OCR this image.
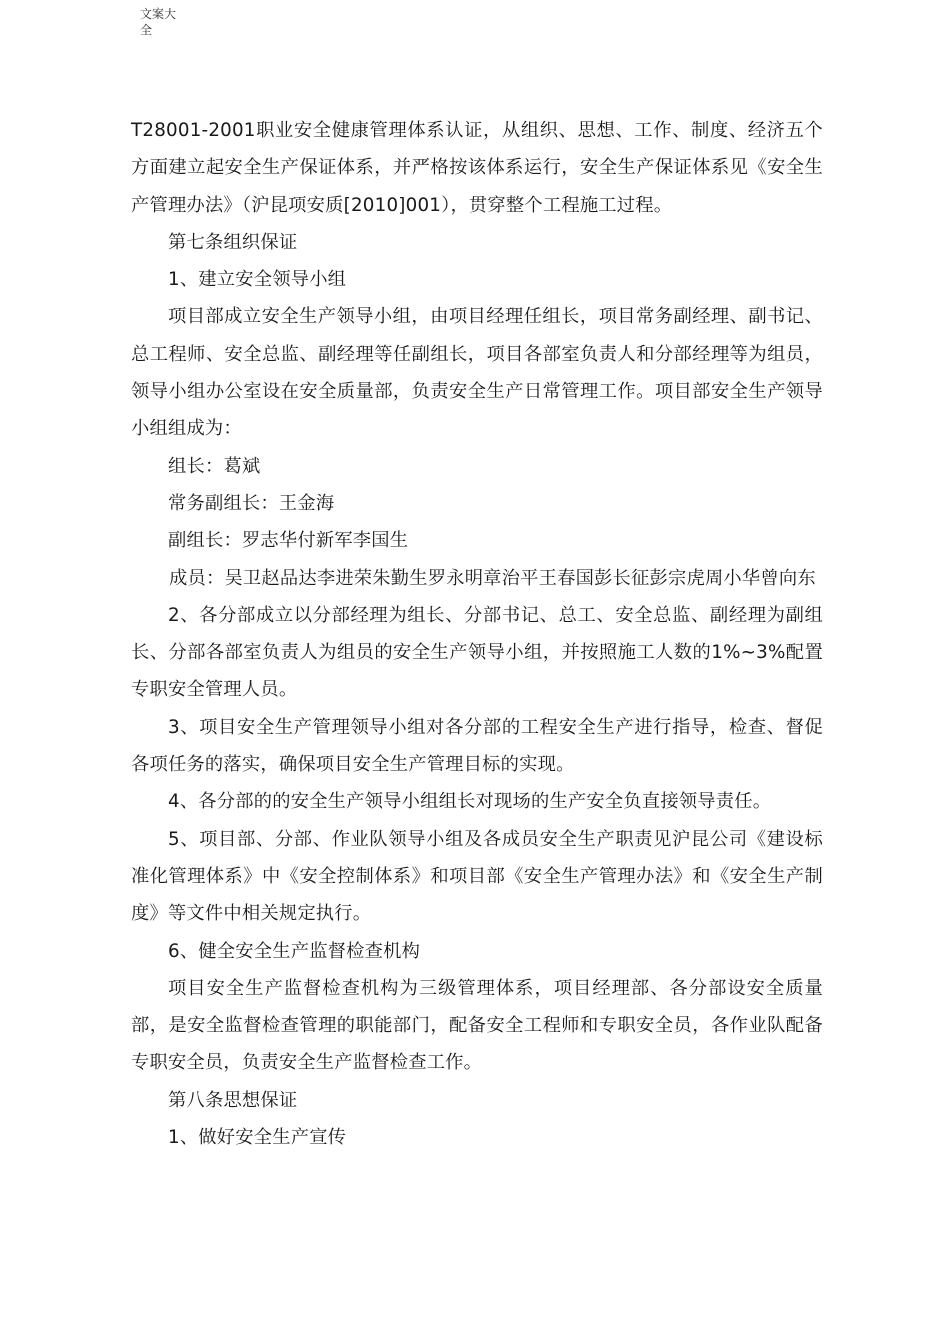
文案大全

T28001-2001职业安全健康管理体系认证，从组织、思想、工作、制度、经济五个方面建立起安全生产保证体系，并严格按该体系运行，安全生产保证体系见《安全生产管理办法》（沪昆项安质[2010]001），贯穿整个工程施工过程。

第七条组织保证

1、建立安全领导小组

项目部成立安全生产领导小组，由项目经理任组长，项目常务副经理、副书记、总工程师、安全总监、副经理等任副组长，项目各部室负责人和分部经理等为组员，领导小组办公室设在安全质量部，负责安全生产日常管理工作。项目部安全生产领导小组组成为：

组长：葛斌

常务副组长：王金海

副组长：罗志华付新军李国生

成员：吴卫赵品达李进荣朱勤生罗永明章治平王春国彭长征彭宗虎周小华曾向东

2、各分部成立以分部经理为组长、分部书记、总工、安全总监、副经理为副组长、分部各部室负责人为组员的安全生产领导小组，并按照施工人数的1%~3%配置专职安全管理人员。

3、项目安全生产管理领导小组对各分部的工程安全生产进行指导，检查、督促各项任务的落实，确保项目安全生产管理目标的实现。

4、各分部的的安全生产领导小组组长对现场的生产安全负直接领导责任。

5、项目部、分部、作业队领导小组及各成员安全生产职责见沪昆公司《建设标准化管理体系》中《安全控制体系》和项目部《安全生产管理办法》和《安全生产制度》等文件中相关规定执行。

6、健全安全生产监督检查机构

项目安全生产监督检查机构为三级管理体系，项目经理部、各分部设安全质量部，是安全监督检查管理的职能部门，配备安全工程师和专职安全员，各作业队配备专职安全员，负责安全生产监督检查工作。

第八条思想保证

1、做好安全生产宣传
